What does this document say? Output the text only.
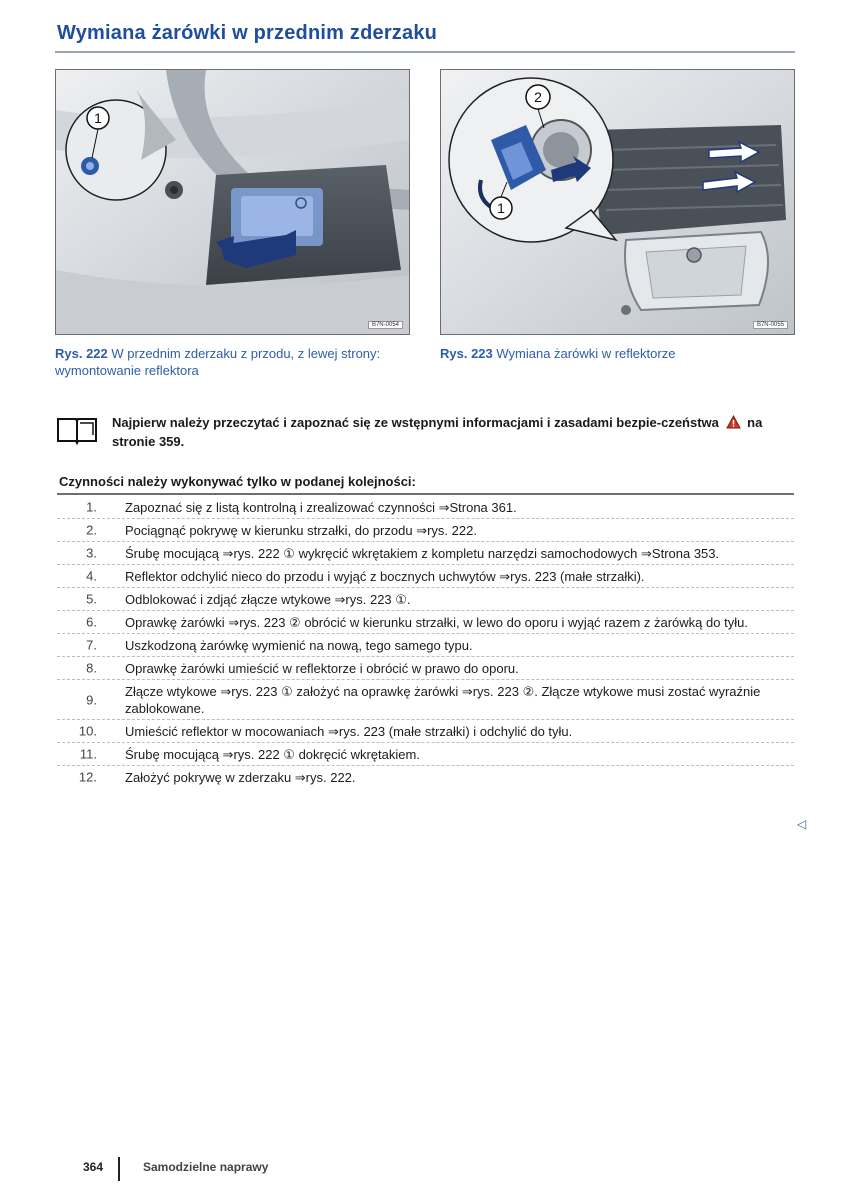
Wymiana żarówki w przednim zderzaku
1
B7N-0054
2
1
B7N-0055
Rys. 222 W przednim zderzaku z przodu, z lewej strony: wymontowanie reflektora
Rys. 223 Wymiana żarówki w reflektorze
Najpierw należy przeczytać i zapoznać się ze wstępnymi informacjami i zasadami bezpie-czeństwa na stronie 359.
Czynności należy wykonywać tylko w podanej kolejności:
1. Zapoznać się z listą kontrolną i zrealizować czynności ⇒Strona 361.
2. Pociągnąć pokrywę w kierunku strzałki, do przodu ⇒rys. 222.
3. Śrubę mocującą ⇒rys. 222 ① wykręcić wkrętakiem z kompletu narzędzi samochodowych ⇒Strona 353.
4. Reflektor odchylić nieco do przodu i wyjąć z bocznych uchwytów ⇒rys. 223 (małe strzałki).
5. Odblokować i zdjąć złącze wtykowe ⇒rys. 223 ①.
6. Oprawkę żarówki ⇒rys. 223 ② obrócić w kierunku strzałki, w lewo do oporu i wyjąć razem z żarówką do tyłu.
7. Uszkodzoną żarówkę wymienić na nową, tego samego typu.
8. Oprawkę żarówki umieścić w reflektorze i obrócić w prawo do oporu.
9.
Złącze wtykowe ⇒rys. 223 ① założyć na oprawkę żarówki ⇒rys. 223 ②. Złącze wtykowe musi zostać wyraźnie zablokowane.
10. Umieścić reflektor w mocowaniach ⇒rys. 223 (małe strzałki) i odchylić do tyłu.
11. Śrubę mocującą ⇒rys. 222 ① dokręcić wkrętakiem.
12. Założyć pokrywę w zderzaku ⇒rys. 222.
◁
364	Samodzielne naprawy
